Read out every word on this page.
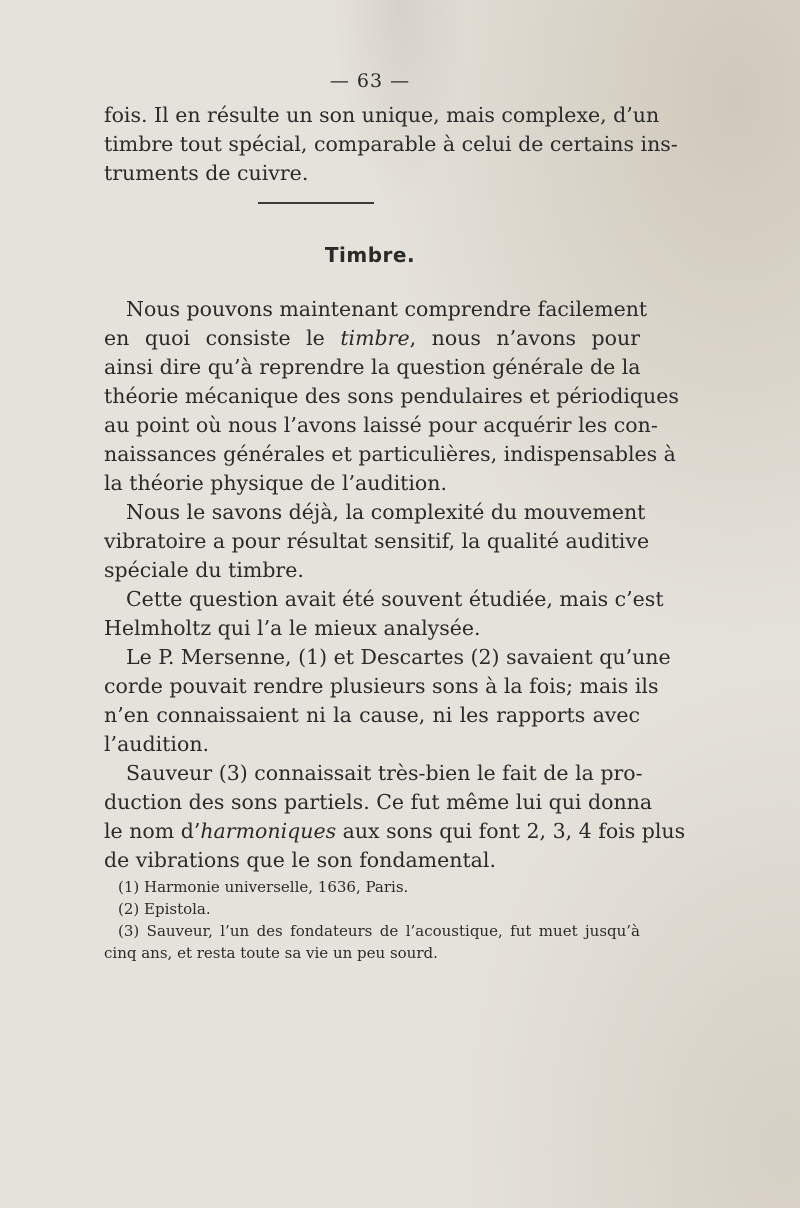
— 63 —
fois. Il en résulte un son unique, mais complexe, d’un
timbre tout spécial, comparable à celui de certains ins-
truments de cuivre.
Timbre.
Nous pouvons maintenant comprendre facilement
en quoi consiste le timbre, nous n’avons pour
ainsi dire qu’à reprendre la question générale de la
théorie mécanique des sons pendulaires et périodiques
au point où nous l’avons laissé pour acquérir les con-
naissances générales et particulières, indispensables à
la théorie physique de l’audition.
Nous le savons déjà, la complexité du mouvement
vibratoire a pour résultat sensitif, la qualité auditive
spéciale du timbre.
Cette question avait été souvent étudiée, mais c’est
Helmholtz qui l’a le mieux analysée.
Le P. Mersenne, (1) et Descartes (2) savaient qu’une
corde pouvait rendre plusieurs sons à la fois; mais ils
n’en connaissaient ni la cause, ni les rapports avec
l’audition.
Sauveur (3) connaissait très-bien le fait de la pro-
duction des sons partiels. Ce fut même lui qui donna
le nom d’harmoniques aux sons qui font 2, 3, 4 fois plus
de vibrations que le son fondamental.
(1) Harmonie universelle, 1636, Paris.
(2) Epistola.
(3) Sauveur, l’un des fondateurs de l’acoustique, fut muet jusqu’à
cinq ans, et resta toute sa vie un peu sourd.
